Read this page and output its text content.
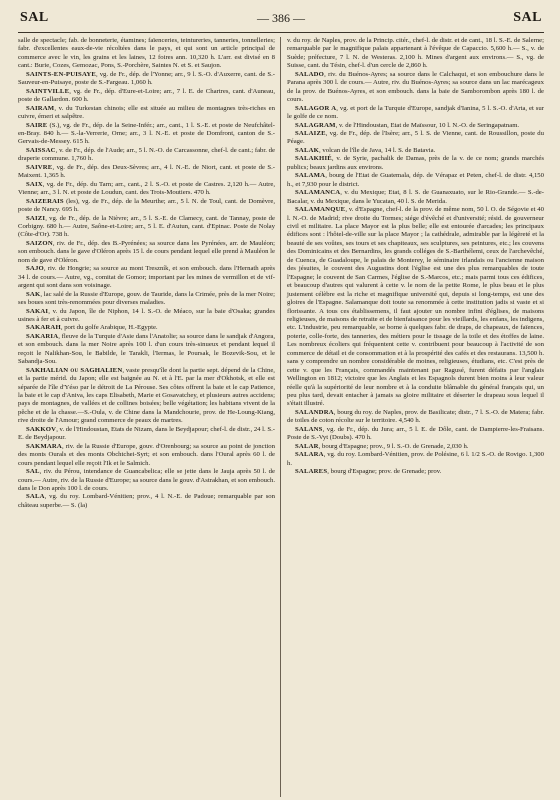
SAL	— 386 —	SAL

salle de spectacle; fab. de bonneterie, étamines; faïenceries, teintureries, tanneries, tonnelleries; fabr. d'excellentes eaux-de-vie récoltées dans le pays, et qui sont un article principal de commerce avec le vin, les grains et les laines, 12 foires ann. 10,320 h. L'arr. est divisé en 8 cant.: Burie, Cozes, Gemozac, Pons, S.-Porchère, Saintes N. et S. et Saujon.

SAINTS-EN-PUISAYE, vg. de Fr., dép. de l'Yonne; arr., 9 l. S.-O. d'Auxerre, cant. de S.-Sauveur-en-Puisaye, poste de S.-Fargeau. 1,060 h.

SAINTVILLE, vg. de Fr., dép. d'Eure-et-Loire; arr., 7 l. E. de Chartres, cant. d'Auneau, poste de Gallardon. 600 h.

SAIRAM, v. du Turkestan chinois; elle est située au milieu de montagnes très-riches en cuivre, émeri et salpêtre.

SAIRE (S.), vg. de Fr., dép. de la Seine-Infér.; arr., cant., 1 l. S.-E. et poste de Neufchâtel-en-Bray. 840 h.— S.-la-Verrerie, Orne; arr., 3 l. N.-E. et poste de Domfront, canton de S.-Gervais-de-Messey. 615 h.

SAISSAC, v. de Fr., dép. de l'Aude; arr., 5 l. N.-O. de Carcassonne, chef-l. de cant.; fabr. de draperie commune. 1,760 h.

SAIVRE, vg. de Fr., dép. des Deux-Sèvres; arr., 4 l. N.-E. de Niort, cant. et poste de S.-Maixent. 1,365 h.

SAIX, vg. de Fr., dép. du Tarn; arr., cant., 2 l. S.-O. et poste de Castres. 2,120 h.— Autre, Vienne; arr., 3 l. N. et poste de Loudun, cant. des Trois-Moutiers. 470 h.

SAIZERAIS (les), vg. de Fr., dép. de la Meurthe; arr., 5 l. N. de Toul, cant. de Domèvre, poste de Nancy. 695 h.

SAIZI, vg. de Fr., dép. de la Nièvre; arr., 5 l. S.-E. de Clamecy, cant. de Tannay, poste de Corbigny. 680 h.— Autre, Saône-et-Loire; arr., 5 l. E. d'Autun, cant. d'Epinac. Poste de Nolay (Côte-d'Or). 738 h.

SAIZON, riv. de Fr., dép. des B.-Pyrénées; sa source dans les Pyrénées, arr. de Mauléon; son embouch. dans le gave d'Oléron après 15 l. de cours pendant lequel elle prend à Mauléon le nom de gave d'Oléron.

SAJO, riv. de Hongrie; sa source au mont Treszník, et son embouch. dans l'Hernath après 34 l. de cours.— Autre, vg., comitat de Gomor; important par les mines de vermillon et de vif-argent qui sont dans son voisinage.

SAK, lac salé de la Russie d'Europe, gouv. de Tauride, dans la Crimée, près de la mer Noire; ses boues sont très-renommées pour diverses maladies.

SAKAI, v. du Japon, île de Niphon, 14 l. S.-O. de Méaco, sur la baie d'Osaka; grandes usines à fer et à cuivre.

SAKARAH, port du golfe Arabique, H.-Egypte.

SAKARIA, fleuve de la Turquie d'Asie dans l'Anatolie; sa source dans le sandjak d'Angora, et son embouch. dans la mer Noire après 100 l. d'un cours très-sinueux et pendant lequel il reçoit le Nalikhan-Sou, le Babilde, le Tarakli, l'Iermas, le Poursak, le Bozevik-Sou, et le Sabandja-Sou.

SAKHALIAN ou SAGHALIEN, vaste presqu'île dont la partie sept. dépend de la Chine, et la partie mérid. du Japon; elle est baignée au N. et à l'E. par la mer d'Okhotsk, et elle est séparée de l'île d'Yéso par le détroit de La Pérouse. Ses côtes offrent la baie et le cap Patience, la baie et le cap d'Aniva, les caps Elisabeth, Marie et Gosavatchey, et plusieurs autres accidens; pays de montagnes, de vallées et de collines boisées; belle végétation; les habitans vivent de la pêche et de la chasse.—S.-Oula, v. de Chine dans la Mandchourie, prov. de He-Loung-Kiang, rive droite de l'Amour; grand commerce de peaux de martres.

SAKKOV, v. de l'Hindoustan, Etats de Nizam, dans le Beydjapour; chef-l. de distr., 24 l. S.-E. de Beydjapour.

SAKMARA, riv. de la Russie d'Europe, gouv. d'Orenbourg; sa source au point de jonction des monts Ourals et des monts Obchtchei-Syrt; et son embouch. dans l'Oural après 60 l. de cours pendant lequel elle reçoit l'Ik et le Salmich.

SAL, riv. du Pérou, intendance de Guancabelica; elle se jette dans le Jauja après 50 l. de cours.— Autre, riv. de la Russie d'Europe; sa source dans le gouv. d'Astrakhan, et son embouch. dans le Don après 100 l. de cours.

SALA, vg. du roy. Lombard-Vénitien; prov., 4 l. N.-E. de Padoue; remarquable par son château superbe.— S. (la)

v. du roy. de Naples, prov. de la Princip. citér., chef-l. de distr. et de cant., 18 l. S.-E. de Salerne; remarquable par le magnifique palais appartenant à l'évêque de Capaccio. 5,600 h.— S., v. de Suède; préfecture, 7 l. N. de Westeras. 2,100 h. Mines d'argent aux environs.— S., vg. de Suisse, cant. du Tésin, chef-l. d'un cercle de 2,860 h.

SALADO, riv. du Buénos-Ayres; sa source dans le Calchaqui, et son embouchure dans le Parana après 300 l. de cours.— Autre, riv. du Buénos-Ayres; sa source dans un lac marécageux de la prov. de Buénos-Ayres, et son embouch. dans la baie de Samborombon après 180 l. de cours.

SALAGOR A, vg. et port de la Turquie d'Europe, sandjak d'Ianina, 5 l. S.-O. d'Arta, et sur le golfe de ce nom.

SALAGRAM, v. de l'Hindoustan, Etat de Maïssour, 10 l. N.-O. de Seringapatnam.

SALAIZE, vg. de Fr., dép. de l'Isère; arr., 5 l. S. de Vienne, cant. de Roussillon, poste du Péage.

SALAK, volcan de l'île de Java, 14 l. S. de Batavia.

SALAKHIÉ, v. de Syrie, pachalik de Damas, près de la v. de ce nom; grands marchés publics; beaux jardins aux environs.

SALAMA, bourg de l'Etat de Guatemala, dép. de Vérapaz et Peten, chef-l. de distr. 4,150 h., et 7,930 pour le district.

SALAMANCA, v. du Mexique; Etat, 8 l. S. de Guanaxuato, sur le Rio-Grande.— S.-de-Bacalar, v. du Mexique, dans le Yucatan, 40 l. S. de Merida.

SALAMANQUE, v. d'Espagne, chef-l. de la prov. de même nom, 50 l. O. de Ségovie et 40 l. N.-O. de Madrid; rive droite du Tormes; siége d'évêché et d'université; résid. de gouverneur civil et militaire. La place Mayor est la plus belle; elle est entourée d'arcades; les principaux édifices sont : l'hôtel-de-ville sur la place Mayor ; la cathédrale, admirable par la légèreté et la beauté de ses voûtes, ses tours et ses chapiteaux, ses sculptures, ses peintures, etc.; les couvens des Dominicains et des Bernardins, les grands colléges de S.-Barthélemi, ceux de l'archevêché, de Cuenca, de Guadaloupe, le palais de Monterey, le séminaire irlandais ou l'ancienne maison des jésuites, le couvent des Augustins dont l'église est une des plus remarquables de toute l'Espagne; le couvent de San Carmes, l'église de S.-Marcos, etc.; mais parmi tous ces édifices, et beaucoup d'autres qui valurent à cette v. le nom de la petite Rome, le plus beau et le plus justement célèbre est la riche et magnifique université qui, depuis si long-temps, est une des gloires de l'Espagne. Salamanque doit toute sa renommée à cette institution jadis si vaste et si florissante. A tous ces établissemens, il faut ajouter un nombre infini d'églises, de maisons religieuses, de maisons de retraite et de bienfaisance pour les vieillards, les enfans, les indigens, etc. L'industrie, peu remarquable, se borne à quelques fabr. de draps, de chapeaux, de faïences, poterie, colle-forte, des tanneries, des métiers pour le tissage de la toile et des étoffes de laine. Les nombreux écoliers qui fréquentent cette v. contribuent pour beaucoup à l'activité de son commerce de détail et de consommation et à la prospérité des cafés et des restaurans. 13,500 h. sans y comprendre un nombre considérable de moines, religieuses, étudians, etc. C'est près de cette v. que les Français, commandés maintenant par Ragusé, furent défaits par l'anglais Wellington en 1812; victoire que les Anglais et les Espagnols durent bien moins à leur valeur réelle qu'à la supériorité de leur nombre et à la conduite blâmable du général français qui, un peu plus tard, devait entacher à jamais sa gloire militaire et déserter le drapeau sous lequel il s'était illustré.

SALANDRA, bourg du roy. de Naples, prov. de Basilicate; distr., 7 l. S.-O. de Matera; fabr. de toiles de coton récolte sur le territoire. 4,540 h.

SALANS, vg. de Fr., dép. du Jura; arr., 5 l. E. de Dôle, cant. de Dampierre-les-Fraisans. Poste de S.-Vyt (Doubs). 470 h.

SALAR, bourg d'Espagne; prov., 9 l. S.-O. de Grenade, 2,030 h.

SALARA, vg. du roy. Lombard-Vénitien, prov. de Polésine, 6 l. 1/2 S.-O. de Rovigo. 1,300 h.

SALARES, bourg d'Espagne; prov. de Grenade; prov.
